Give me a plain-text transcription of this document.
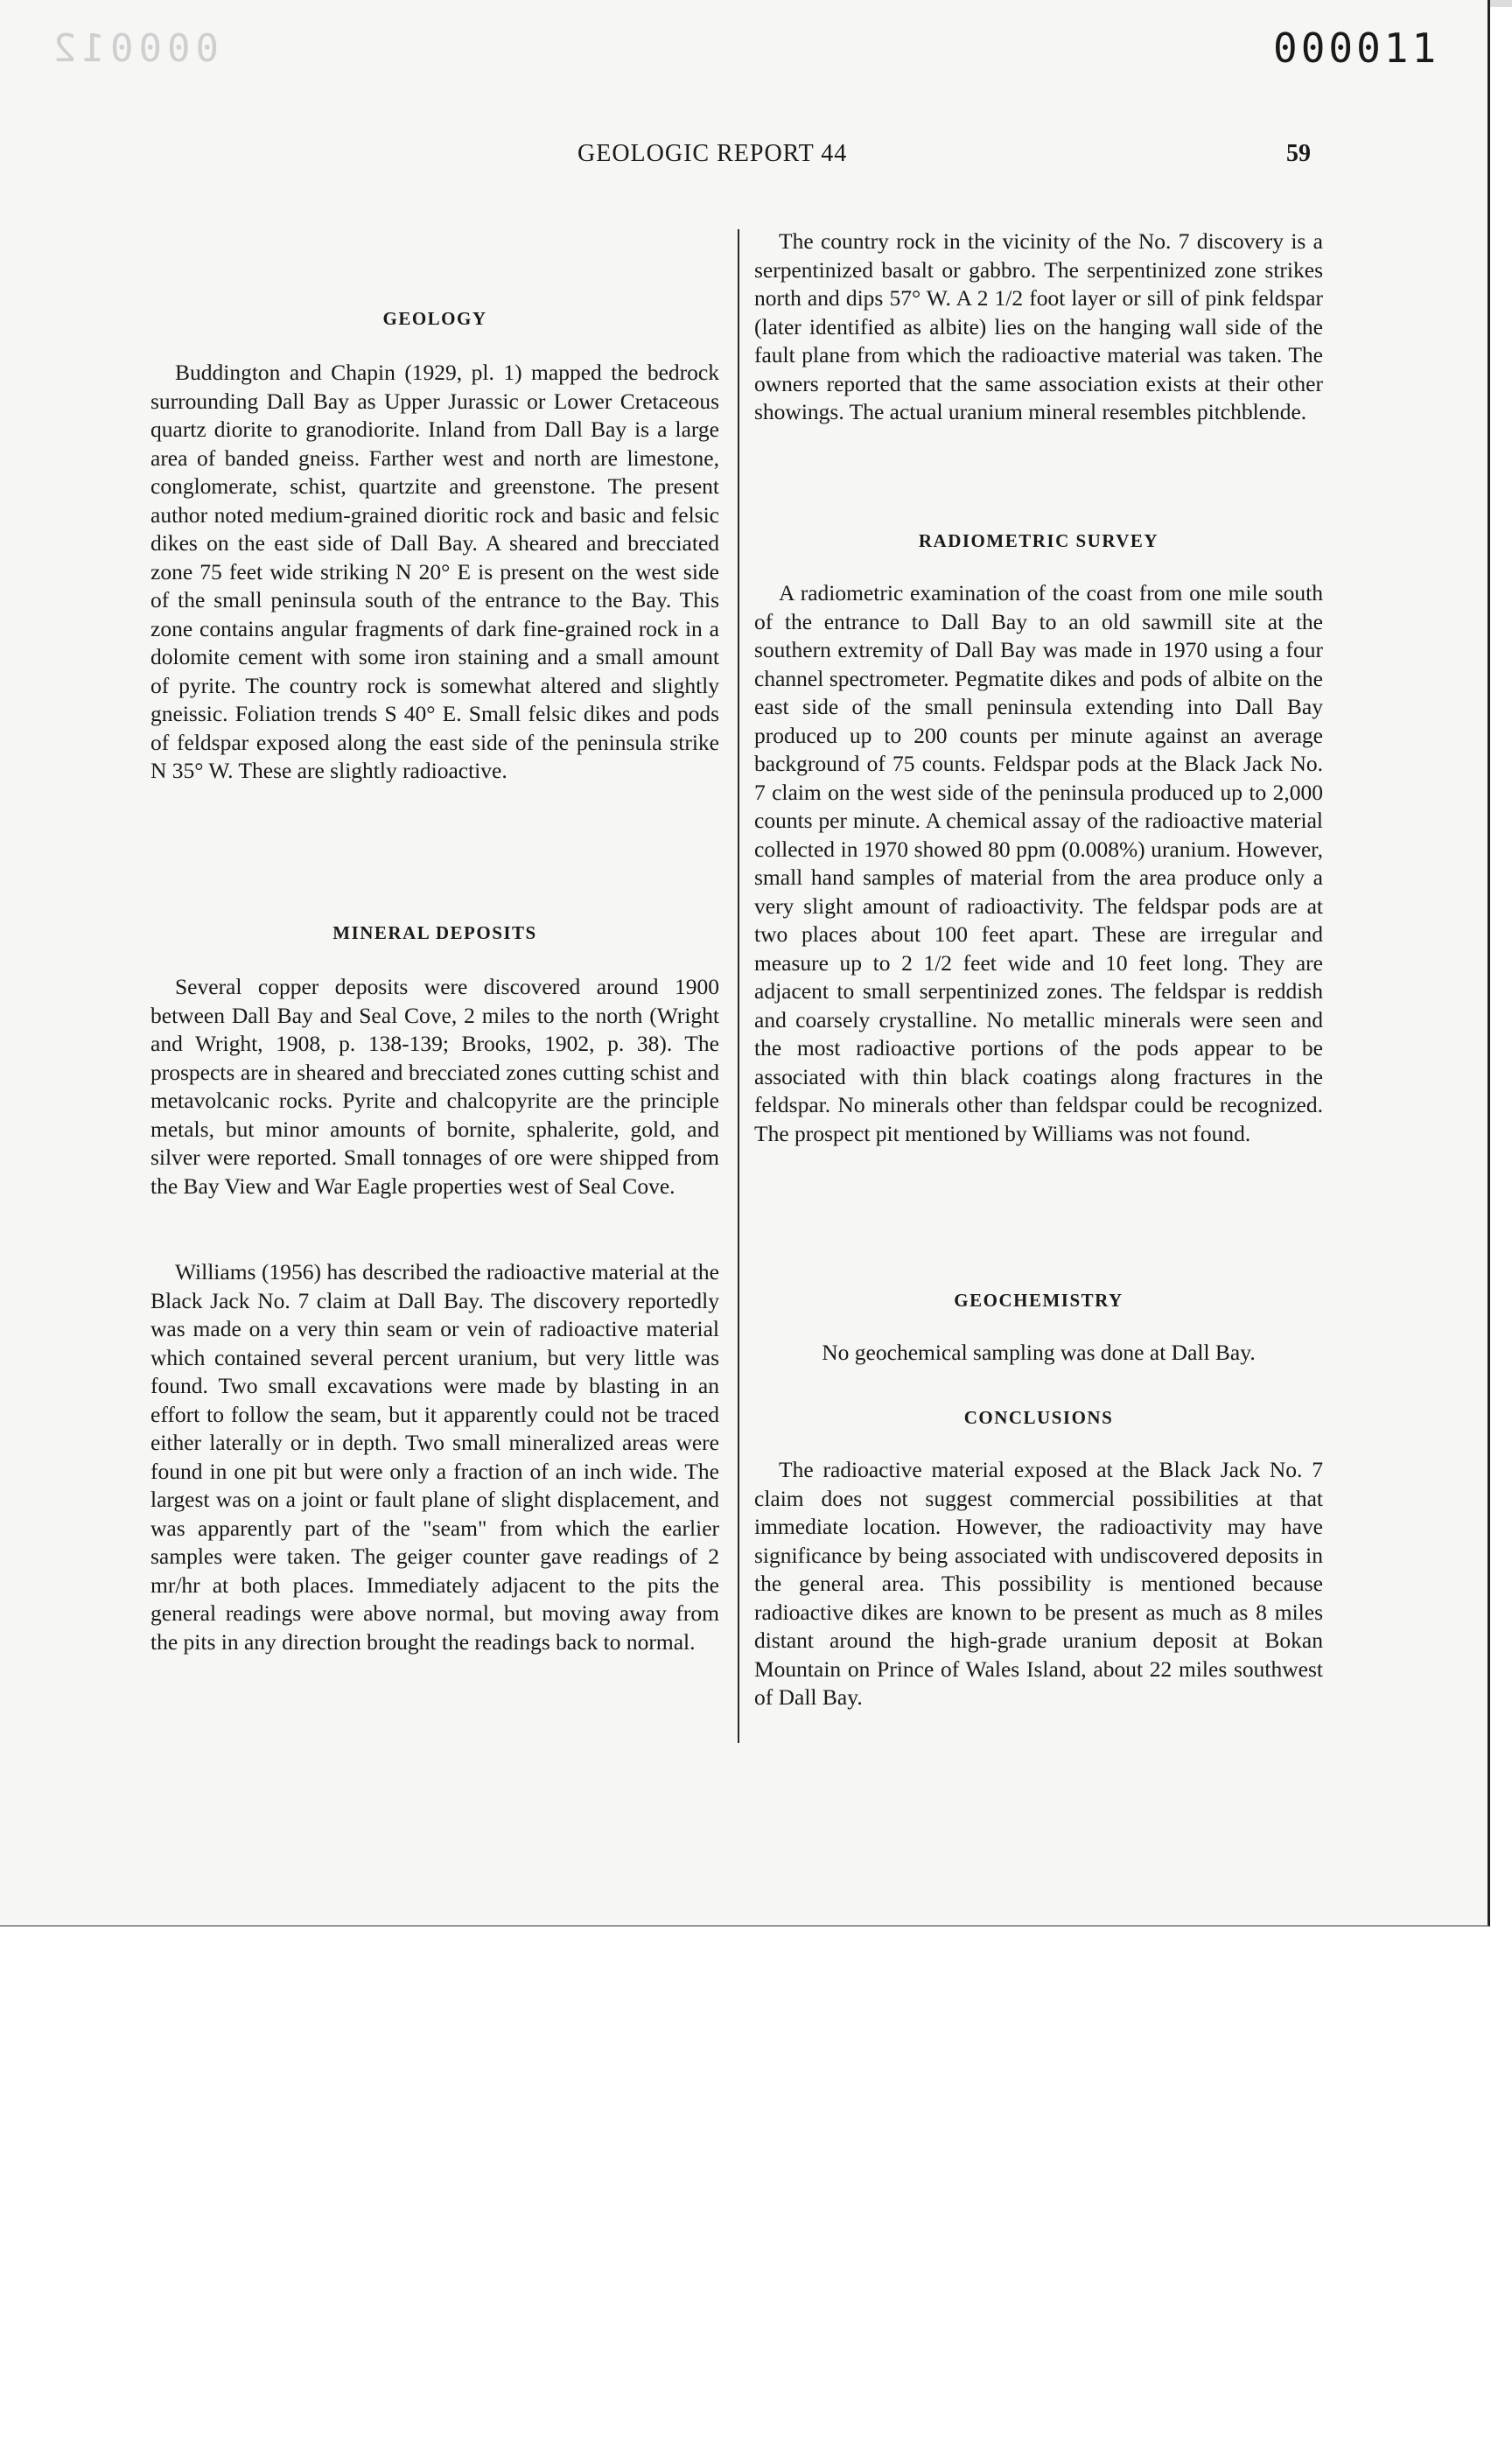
000012	000011
GEOLOGIC REPORT 44	59
GEOLOGY

Buddington and Chapin (1929, pl. 1) mapped the bedrock surrounding Dall Bay as Upper Jurassic or Lower Cretaceous quartz diorite to granodiorite. Inland from Dall Bay is a large area of banded gneiss. Farther west and north are limestone, conglomerate, schist, quartzite and greenstone. The present author noted medium-grained dioritic rock and basic and felsic dikes on the east side of Dall Bay. A sheared and brecciated zone 75 feet wide striking N 20° E is present on the west side of the small peninsula south of the entrance to the Bay. This zone contains angular fragments of dark fine-grained rock in a dolomite cement with some iron staining and a small amount of pyrite. The country rock is somewhat altered and slightly gneissic. Foliation trends S 40° E. Small felsic dikes and pods of feldspar exposed along the east side of the peninsula strike N 35° W. These are slightly radioactive.

MINERAL DEPOSITS

Several copper deposits were discovered around 1900 between Dall Bay and Seal Cove, 2 miles to the north (Wright and Wright, 1908, p. 138-139; Brooks, 1902, p. 38). The prospects are in sheared and brecciated zones cutting schist and metavolcanic rocks. Pyrite and chalcopyrite are the principle metals, but minor amounts of bornite, sphalerite, gold, and silver were reported. Small tonnages of ore were shipped from the Bay View and War Eagle properties west of Seal Cove.

Williams (1956) has described the radioactive material at the Black Jack No. 7 claim at Dall Bay. The discovery reportedly was made on a very thin seam or vein of radioactive material which contained several percent uranium, but very little was found. Two small excavations were made by blasting in an effort to follow the seam, but it apparently could not be traced either laterally or in depth. Two small mineralized areas were found in one pit but were only a fraction of an inch wide. The largest was on a joint or fault plane of slight displacement, and was apparently part of the "seam" from which the earlier samples were taken. The geiger counter gave readings of 2 mr/hr at both places. Immediately adjacent to the pits the general readings were above normal, but moving away from the pits in any direction brought the readings back to normal.

The country rock in the vicinity of the No. 7 discovery is a serpentinized basalt or gabbro. The serpentinized zone strikes north and dips 57° W. A 2 1/2 foot layer or sill of pink feldspar (later identified as albite) lies on the hanging wall side of the fault plane from which the radioactive material was taken. The owners reported that the same association exists at their other showings. The actual uranium mineral resembles pitchblende.

RADIOMETRIC SURVEY

A radiometric examination of the coast from one mile south of the entrance to Dall Bay to an old sawmill site at the southern extremity of Dall Bay was made in 1970 using a four channel spectrometer. Pegmatite dikes and pods of albite on the east side of the small peninsula extending into Dall Bay produced up to 200 counts per minute against an average background of 75 counts. Feldspar pods at the Black Jack No. 7 claim on the west side of the peninsula produced up to 2,000 counts per minute. A chemical assay of the radioactive material collected in 1970 showed 80 ppm (0.008%) uranium. However, small hand samples of material from the area produce only a very slight amount of radioactivity. The feldspar pods are at two places about 100 feet apart. These are irregular and measure up to 2 1/2 feet wide and 10 feet long. They are adjacent to small serpentinized zones. The feldspar is reddish and coarsely crystalline. No metallic minerals were seen and the most radioactive portions of the pods appear to be associated with thin black coatings along fractures in the feldspar. No minerals other than feldspar could be recognized. The prospect pit mentioned by Williams was not found.

GEOCHEMISTRY

No geochemical sampling was done at Dall Bay.

CONCLUSIONS

The radioactive material exposed at the Black Jack No. 7 claim does not suggest commercial possibilities at that immediate location. However, the radioactivity may have significance by being associated with undiscovered deposits in the general area. This possibility is mentioned because radioactive dikes are known to be present as much as 8 miles distant around the high-grade uranium deposit at Bokan Mountain on Prince of Wales Island, about 22 miles southwest of Dall Bay.
